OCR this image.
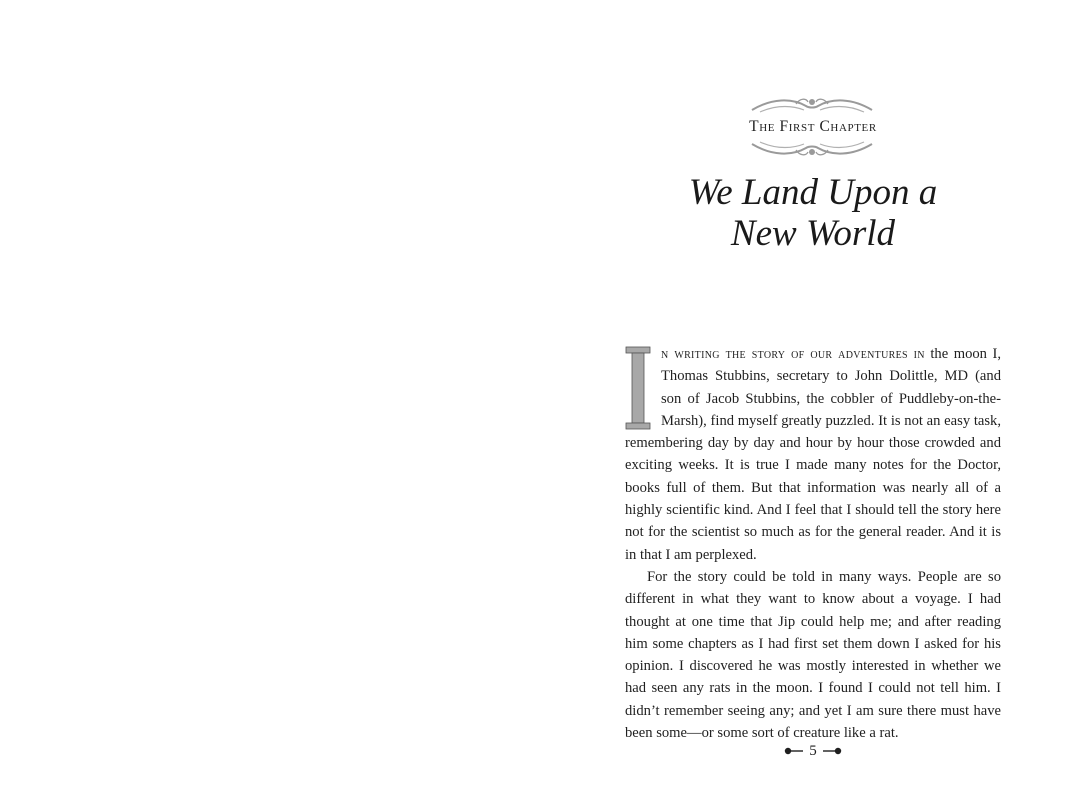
The First Chapter
We Land Upon a New World

I
n writing the story of our adventures in the moon I, Thomas Stubbins, secretary to John Dolittle, MD (and son of Jacob Stubbins, the cobbler of Puddleby-on-the-Marsh), find myself greatly puzzled. It is not an easy task, remembering day by day and hour by hour those crowded and exciting weeks. It is true I made many notes for the Doctor, books full of them. But that information was nearly all of a highly scientific kind. And I feel that I should tell the story here not for the scientist so much as for the general reader. And it is in that I am perplexed.

For the story could be told in many ways. People are so different in what they want to know about a voyage. I had thought at one time that Jip could help me; and after reading him some chapters as I had first set them down I asked for his opinion. I discovered he was mostly interested in whether we had seen any rats in the moon. I found I could not tell him. I didn’t remember seeing any; and yet I am sure there must have been some—or some sort of creature like a rat.

5
